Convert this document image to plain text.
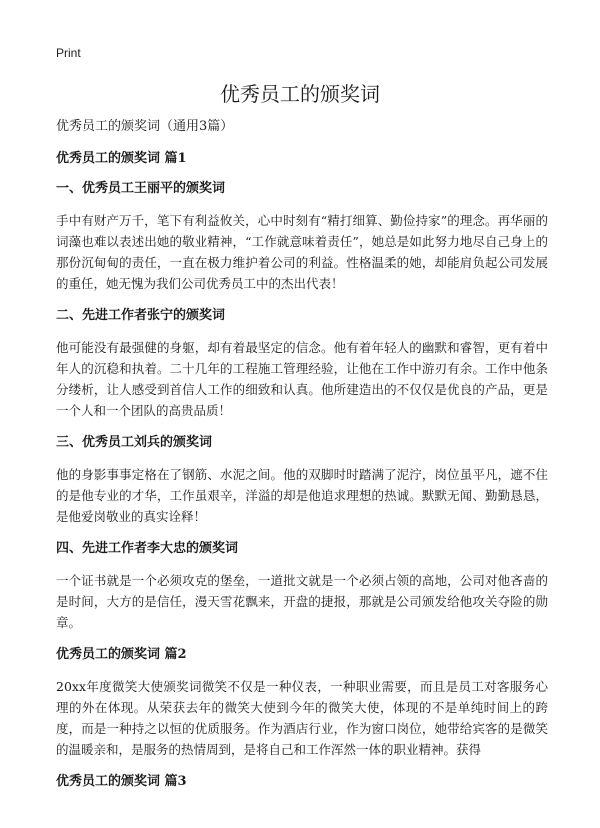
Print
优秀员工的颁奖词

优秀员工的颁奖词（通用3篇）

优秀员工的颁奖词 篇1

一、优秀员工王丽平的颁奖词

手中有财产万千，笔下有利益攸关，心中时刻有“精打细算、勤俭持家”的理念。再华丽的词藻也难以表述出她的敬业精神，“工作就意味着责任”，她总是如此努力地尽自己身上的那份沉甸甸的责任，一直在极力维护着公司的利益。性格温柔的她，却能肩负起公司发展的重任，她无愧为我们公司优秀员工中的杰出代表！

二、先进工作者张宁的颁奖词

他可能没有最强健的身躯，却有着最坚定的信念。他有着年轻人的幽默和睿智，更有着中年人的沉稳和执着。二十几年的工程施工管理经验，让他在工作中游刃有余。工作中他条分缕析，让人感受到首信人工作的细致和认真。他所建造出的不仅仅是优良的产品，更是一个人和一个团队的高贵品质！

三、优秀员工刘兵的颁奖词

他的身影事事定格在了钢筋、水泥之间。他的双脚时时踏满了泥泞，岗位虽平凡，遮不住的是他专业的才华，工作虽艰辛，洋溢的却是他追求理想的热诚。默默无闻、勤勤恳恳，是他爱岗敬业的真实诠释！

四、先进工作者李大忠的颁奖词

一个证书就是一个必须攻克的堡垒，一道批文就是一个必须占领的高地，公司对他吝啬的是时间，大方的是信任，漫天雪花飘来，开盘的捷报，那就是公司颁发给他攻关夺险的勋章。

优秀员工的颁奖词 篇2

20xx年度微笑大使颁奖词微笑不仅是一种仪表，一种职业需要，而且是员工对客服务心理的外在体现。从荣获去年的微笑大使到今年的微笑大使，体现的不是单纯时间上的跨度，而是一种持之以恒的优质服务。作为酒店行业，作为窗口岗位，她带给宾客的是微笑的温暖亲和，是服务的热情周到，是将自己和工作浑然一体的职业精神。获得

优秀员工的颁奖词 篇3
